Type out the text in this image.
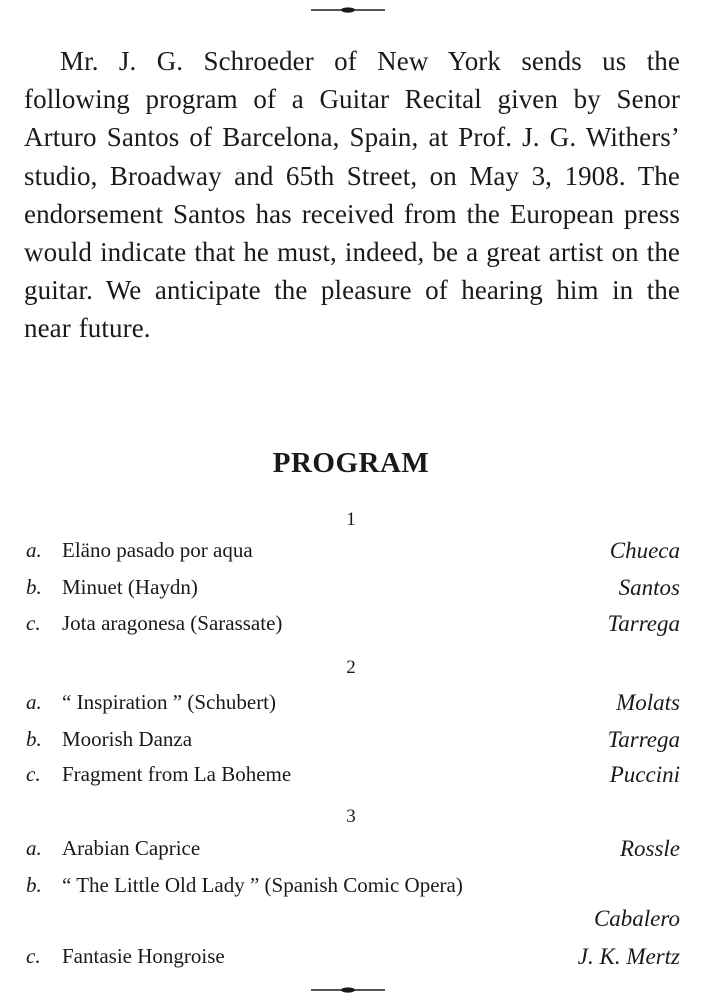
Mr. J. G. Schroeder of New York sends us the following program of a Guitar Recital given by Senor Arturo Santos of Barcelona, Spain, at Prof. J. G. Withers’ studio, Broadway and 65th Street, on May 3, 1908. The endorsement Santos has received from the European press would indicate that he must, indeed, be a great artist on the guitar. We anticipate the pleasure of hearing him in the near future.

PROGRAM
1
a. Eläno pasado por aqua	Chueca
b. Minuet (Haydn)	Santos
c. Jota aragonesa (Sarassate)	Tarrega
2
a. “ Inspiration ” (Schubert)	Molats
b. Moorish Danza	Tarrega
c. Fragment from La Boheme	Puccini
3
a. Arabian Caprice	Rossle
b. “ The Little Old Lady ” (Spanish Comic Opera)
Cabalero
c. Fantasie Hongroise	J. K. Mertz
